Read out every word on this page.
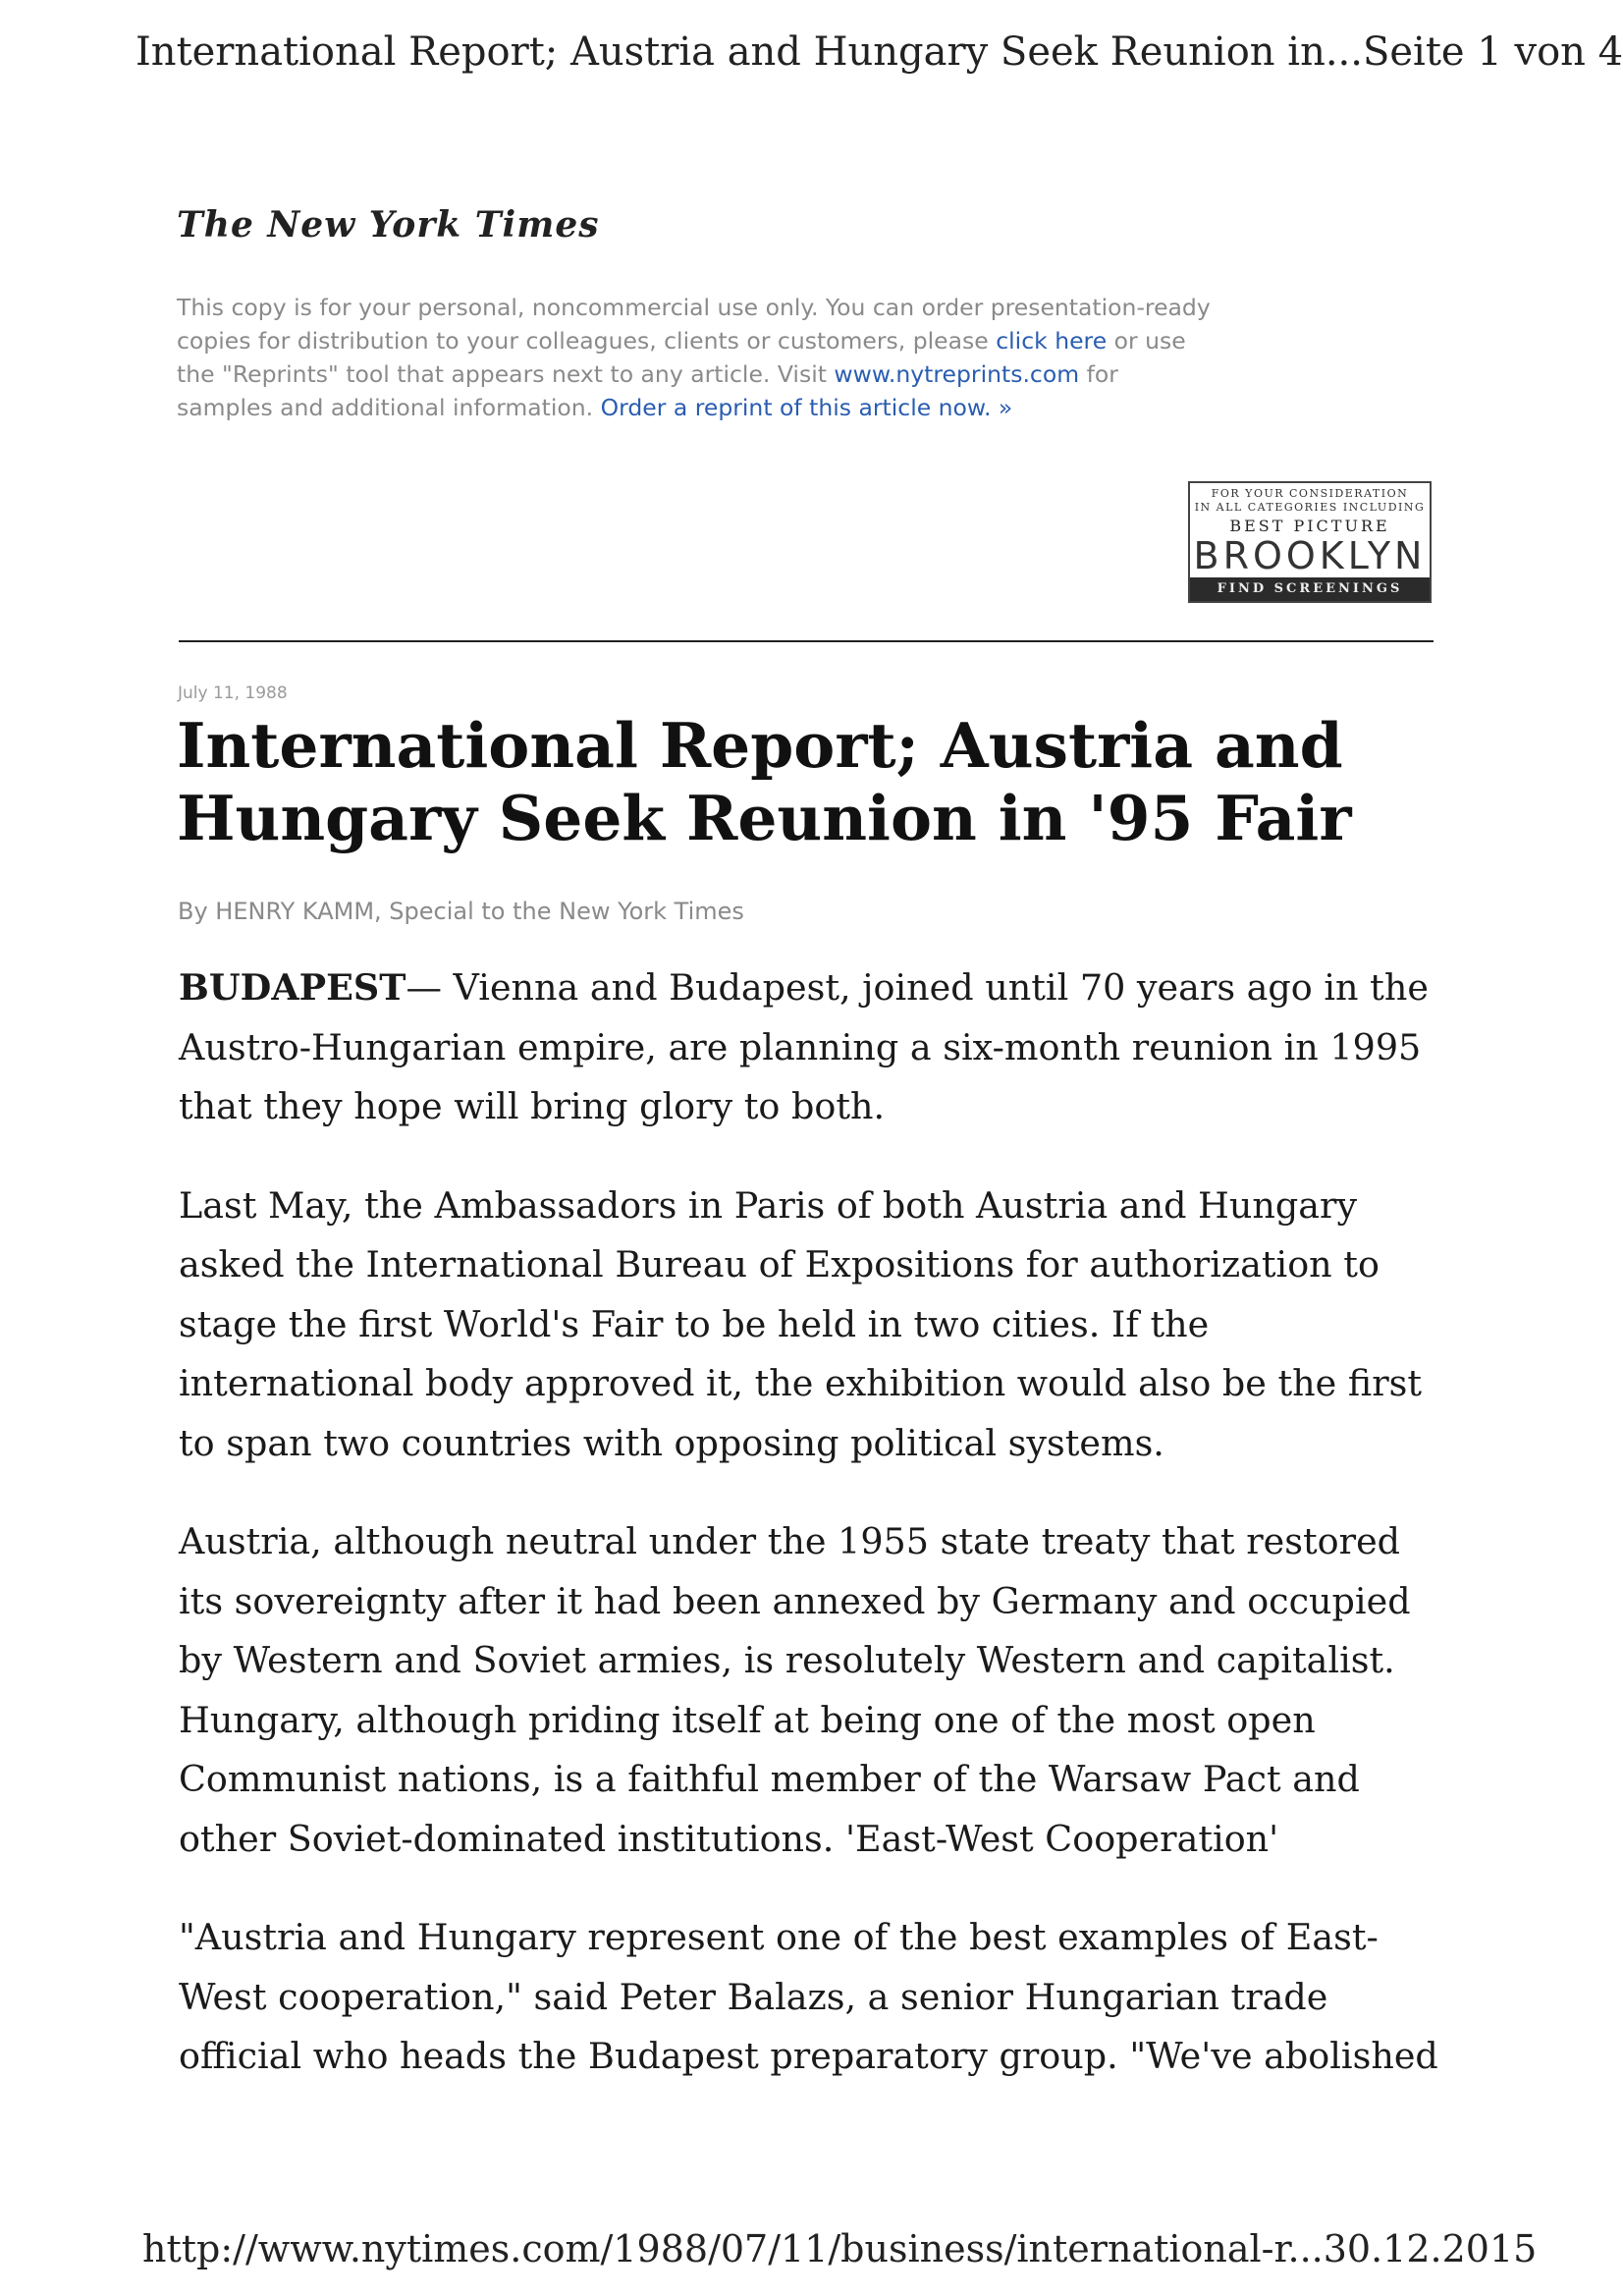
International Report; Austria and Hungary Seek Reunion in... Seite 1 von 4
The New York Times
This copy is for your personal, noncommercial use only. You can order presentation-ready copies for distribution to your colleagues, clients or customers, please click here or use the "Reprints" tool that appears next to any article. Visit www.nytreprints.com for samples and additional information. Order a reprint of this article now. »
FOR YOUR CONSIDERATION
IN ALL CATEGORIES INCLUDING
BEST PICTURE
BROOKLYN
FIND SCREENINGS
July 11, 1988
International Report; Austria and Hungary Seek Reunion in '95 Fair
By HENRY KAMM, Special to the New York Times

BUDAPEST— Vienna and Budapest, joined until 70 years ago in the Austro-Hungarian empire, are planning a six-month reunion in 1995 that they hope will bring glory to both.

Last May, the Ambassadors in Paris of both Austria and Hungary asked the International Bureau of Expositions for authorization to stage the first World's Fair to be held in two cities. If the international body approved it, the exhibition would also be the first to span two countries with opposing political systems.

Austria, although neutral under the 1955 state treaty that restored its sovereignty after it had been annexed by Germany and occupied by Western and Soviet armies, is resolutely Western and capitalist. Hungary, although priding itself at being one of the most open Communist nations, is a faithful member of the Warsaw Pact and other Soviet-dominated institutions. 'East-West Cooperation'

"Austria and Hungary represent one of the best examples of East-West cooperation," said Peter Balazs, a senior Hungarian trade official who heads the Budapest preparatory group. "We've abolished

http://www.nytimes.com/1988/07/11/business/international-r... 30.12.2015
